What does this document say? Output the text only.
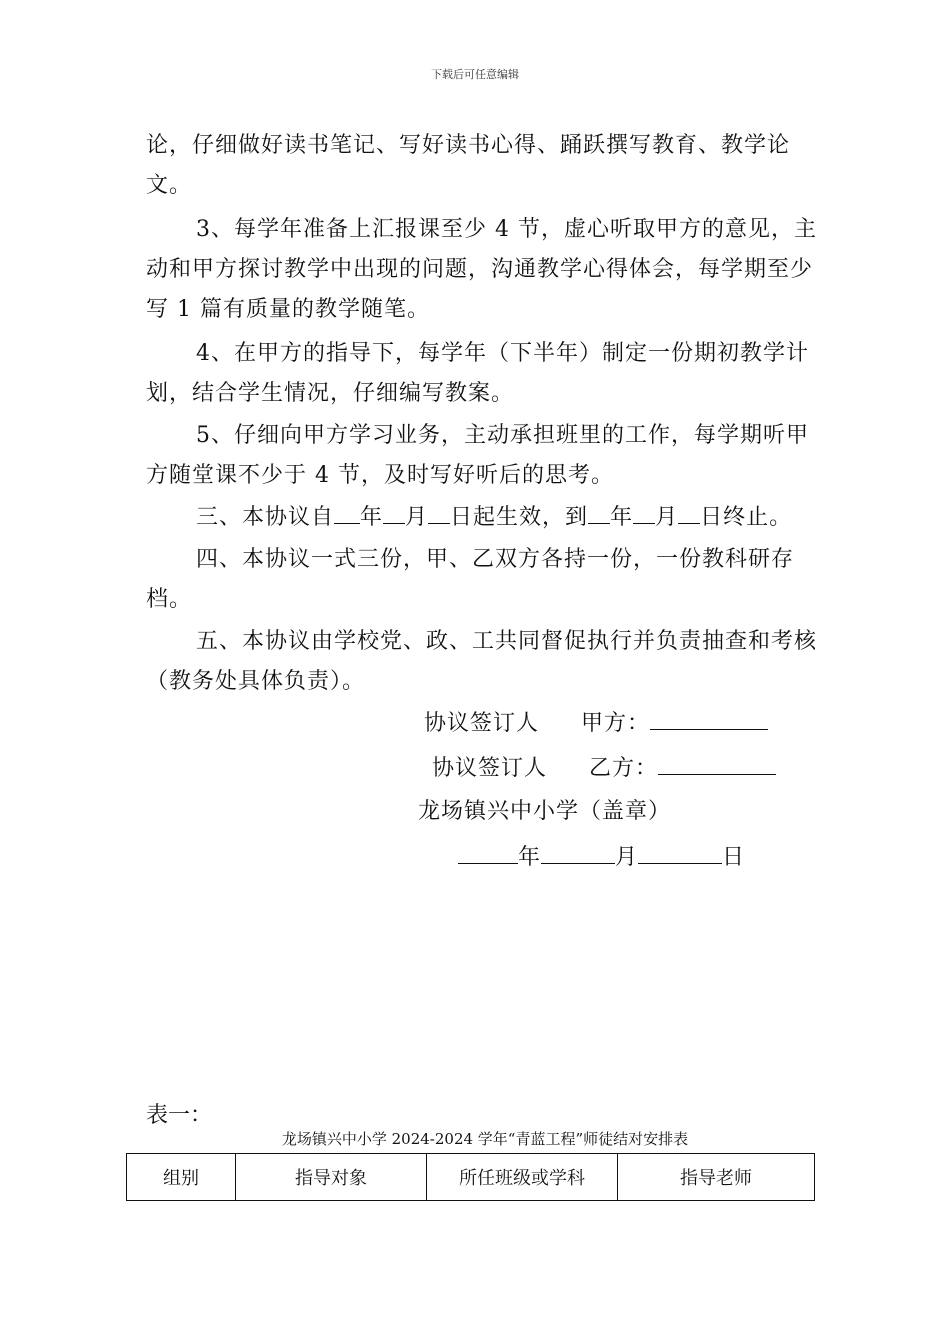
下载后可任意编辑
论，仔细做好读书笔记、写好读书心得、踊跃撰写教育、教学论文。
3、每学年准备上汇报课至少 4 节，虚心听取甲方的意见，主动和甲方探讨教学中出现的问题，沟通教学心得体会，每学期至少写 1 篇有质量的教学随笔。
4、在甲方的指导下，每学年（下半年）制定一份期初教学计划，结合学生情况，仔细编写教案。
5、仔细向甲方学习业务，主动承担班里的工作，每学期听甲方随堂课不少于 4 节，及时写好听后的思考。
三、本协议自 年 月 日起生效，到 年 月 日终止。
四、本协议一式三份，甲、乙双方各持一份，一份教科研存档。
五、本协议由学校党、政、工共同督促执行并负责抽查和考核（教务处具体负责）。
协议签订人 甲方：
协议签订人 乙方：
龙场镇兴中小学（盖章）
年	月	日
表一：
龙场镇兴中小学 2024-2024 学年“青蓝工程”师徒结对安排表
组别	指导对象	所任班级或学科	指导老师
